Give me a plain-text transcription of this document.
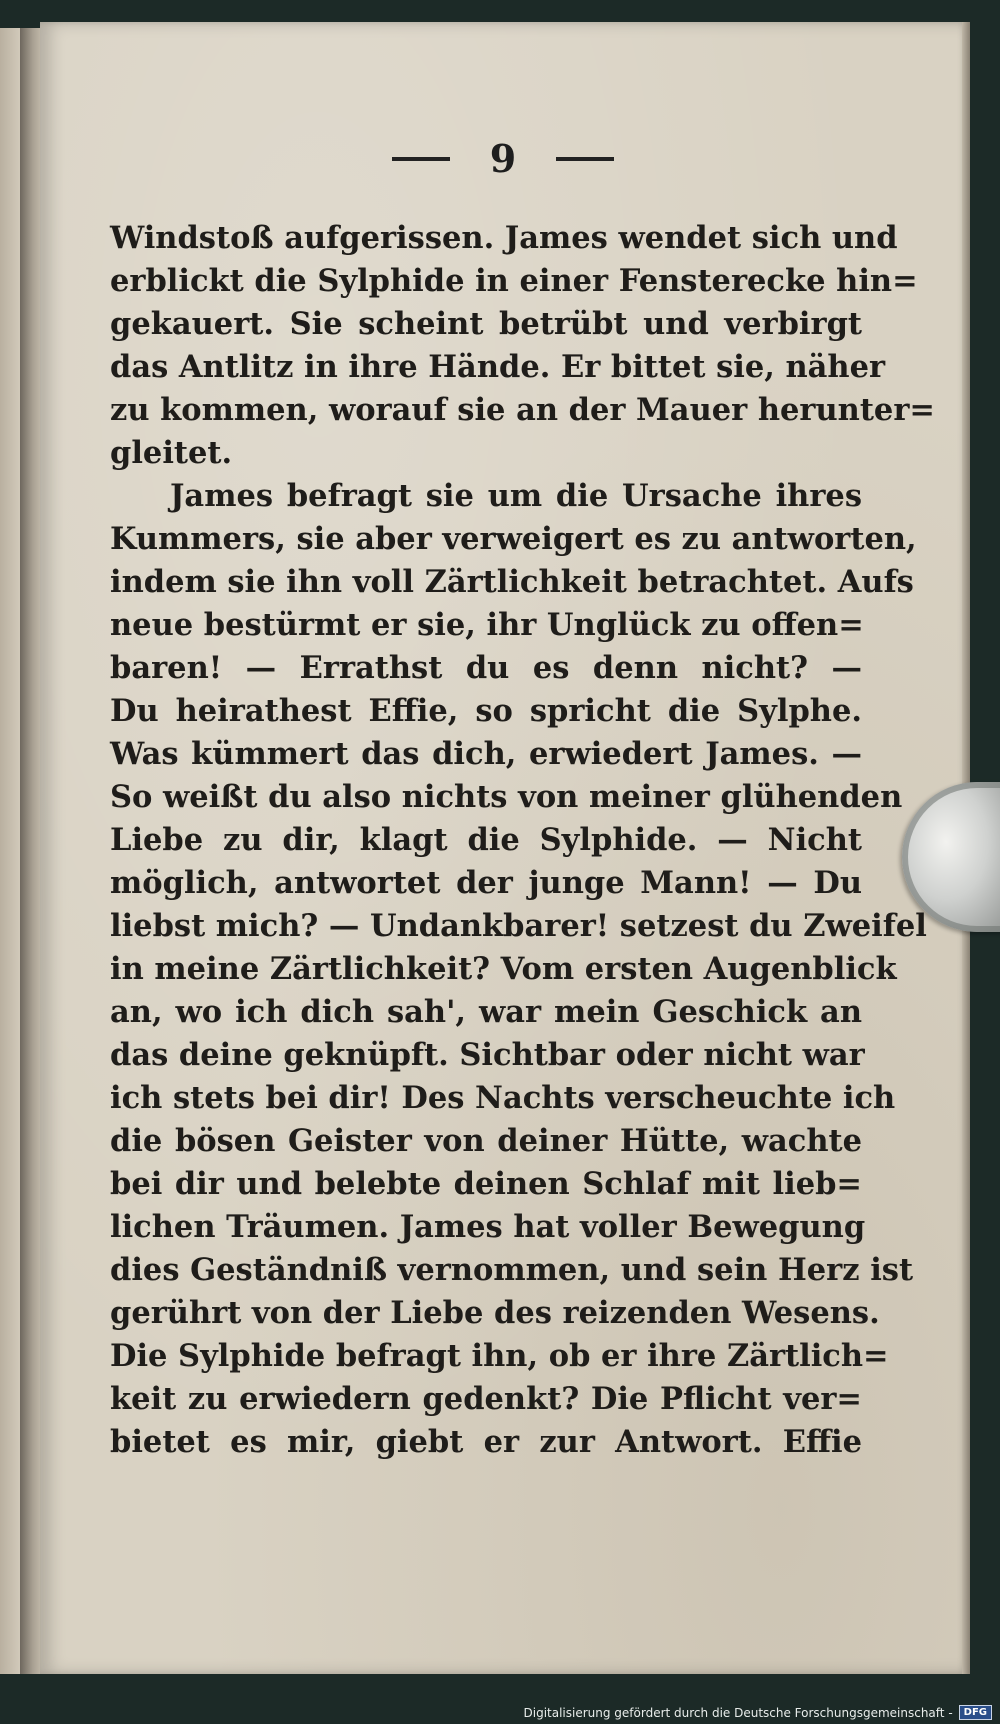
9
Windstoß aufgerissen. James wendet sich und
erblickt die Sylphide in einer Fensterecke hin=
gekauert. Sie scheint betrübt und verbirgt
das Antlitz in ihre Hände. Er bittet sie, näher
zu kommen, worauf sie an der Mauer herunter=
gleitet.
James befragt sie um die Ursache ihres
Kummers, sie aber verweigert es zu antworten,
indem sie ihn voll Zärtlichkeit betrachtet. Aufs
neue bestürmt er sie, ihr Unglück zu offen=
baren! — Errathst du es denn nicht? —
Du heirathest Effie, so spricht die Sylphe.
Was kümmert das dich, erwiedert James. —
So weißt du also nichts von meiner glühenden
Liebe zu dir, klagt die Sylphide. — Nicht
möglich, antwortet der junge Mann! — Du
liebst mich? — Undankbarer! setzest du Zweifel
in meine Zärtlichkeit? Vom ersten Augenblick
an, wo ich dich sah', war mein Geschick an
das deine geknüpft. Sichtbar oder nicht war
ich stets bei dir! Des Nachts verscheuchte ich
die bösen Geister von deiner Hütte, wachte
bei dir und belebte deinen Schlaf mit lieb=
lichen Träumen. James hat voller Bewegung
dies Geständniß vernommen, und sein Herz ist
gerührt von der Liebe des reizenden Wesens.
Die Sylphide befragt ihn, ob er ihre Zärtlich=
keit zu erwiedern gedenkt? Die Pflicht ver=
bietet es mir, giebt er zur Antwort. Effie
Digitalisierung gefördert durch die Deutsche Forschungsgemeinschaft -	DFG
